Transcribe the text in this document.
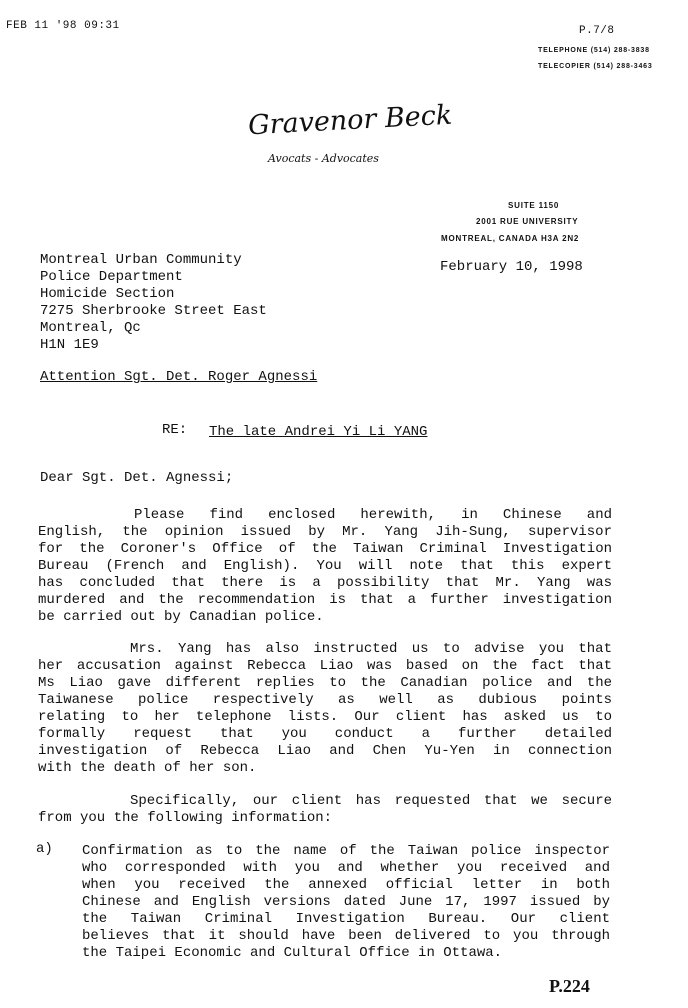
FEB 11 '98 09:31	P.7/8
TELEPHONE (514) 288-3838
TELECOPIER (514) 288-3463
Gravenor Beck
Avocats - Advocates
SUITE 1150
2001 RUE UNIVERSITY
MONTREAL, CANADA H3A 2N2
February 10, 1998
Montreal Urban Community
Police Department
Homicide Section
7275 Sherbrooke Street East
Montreal, Qc
H1N 1E9
Attention Sgt. Det. Roger Agnessi
RE: The late Andrei Yi Li YANG
Dear Sgt. Det. Agnessi;
Please find enclosed herewith, in Chinese and
English, the opinion issued by Mr. Yang Jih-Sung, supervisor
for the Coroner's Office of the Taiwan Criminal Investigation
Bureau (French and English). You will note that this expert
has concluded that there is a possibility that Mr. Yang was
murdered and the recommendation is that a further investigation
be carried out by Canadian police.
Mrs. Yang has also instructed us to advise you that
her accusation against Rebecca Liao was based on the fact that
Ms Liao gave different replies to the Canadian police and the
Taiwanese police respectively as well as dubious points
relating to her telephone lists. Our client has asked us to
formally request that you conduct a further detailed
investigation of Rebecca Liao and Chen Yu-Yen in connection
with the death of her son.
Specifically, our client has requested that we secure
from you the following information:
a) Confirmation as to the name of the Taiwan police inspector
who corresponded with you and whether you received and
when you received the annexed official letter in both
Chinese and English versions dated June 17, 1997 issued by
the Taiwan Criminal Investigation Bureau. Our client
believes that it should have been delivered to you through
the Taipei Economic and Cultural Office in Ottawa.
P.224
